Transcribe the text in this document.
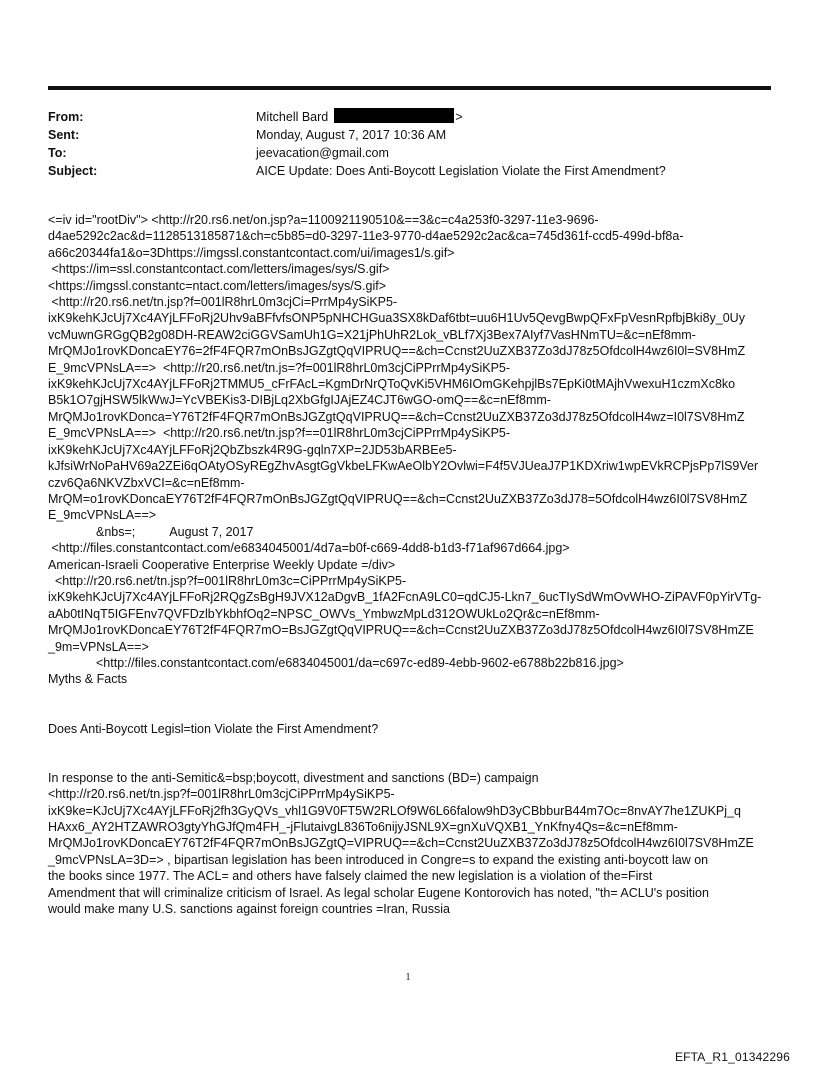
From:	Mitchell Bard	>
Sent:	Monday, August 7, 2017 10:36 AM
To:	jeevacation@gmail.com
Subject:	AICE Update: Does Anti-Boycott Legislation Violate the First Amendment?

<=iv id="rootDiv"> <http://r20.rs6.net/on.jsp?a=1100921190510&==3&c=c4a253f0-3297-11e3-9696-

d4ae5292c2ac&d=1128513185871&ch=c5b85=d0-3297-11e3-9770-d4ae5292c2ac&ca=745d361f-ccd5-499d-bf8a-

a66c20344fa1&o=3Dhttps://imgssl.constantcontact.com/ui/images1/s.gif>

<https://im=ssl.constantcontact.com/letters/images/sys/S.gif>

<https://imgssl.constantc=ntact.com/letters/images/sys/S.gif>

<http://r20.rs6.net/tn.jsp?f=001lR8hrL0m3cjCi=PrrMp4ySiKP5-

ixK9kehKJcUj7Xc4AYjLFFoRj2Uhv9aBFfvfsONP5pNHCHGua3SX8kDaf6tbt=uu6H1Uv5QevgBwpQFxFpVesnRpfbjBki8y_0Uy

vcMuwnGRGgQB2g08DH-REAW2ciGGVSamUh1G=X21jPhUhR2Lok_vBLf7Xj3Bex7AIyf7VasHNmTU=&c=nEf8mm-

MrQMJo1rovKDoncaEY76=2fF4FQR7mOnBsJGZgtQqVIPRUQ==&ch=Ccnst2UuZXB37Zo3dJ78z5OfdcolH4wz6I0l=SV8HmZ

E_9mcVPNsLA==>  <http://r20.rs6.net/tn.js=?f=001lR8hrL0m3cjCiPPrrMp4ySiKP5-

ixK9kehKJcUj7Xc4AYjLFFoRj2TMMU5_cFrFAcL=KgmDrNrQToQvKi5VHM6IOmGKehpjlBs7EpKi0tMAjhVwexuH1czmXc8ko

B5k1O7gjHSW5lkWwJ=YcVBEKis3-DIBjLq2XbGfgIJAjEZ4CJT6wGO-omQ==&c=nEf8mm-

MrQMJo1rovKDonca=Y76T2fF4FQR7mOnBsJGZgtQqVIPRUQ==&ch=Ccnst2UuZXB37Zo3dJ78z5OfdcolH4wz=I0l7SV8HmZ

E_9mcVPNsLA==>  <http://r20.rs6.net/tn.jsp?f==01lR8hrL0m3cjCiPPrrMp4ySiKP5-

ixK9kehKJcUj7Xc4AYjLFFoRj2QbZbszk4R9G-gqln7XP=2JD53bARBEe5-

kJfsiWrNoPaHV69a2ZEi6qOAtyOSyREgZhvAsgtGgVkbeLFKwAeOlbY2Ovlwi=F4f5VJUeaJ7P1KDXriw1wpEVkRCPjsPp7lS9Ver

czv6Qa6NKVZbxVCI=&c=nEf8mm-

MrQM=o1rovKDoncaEY76T2fF4FQR7mOnBsJGZgtQqVIPRUQ==&ch=Ccnst2UuZXB37Zo3dJ78=5OfdcolH4wz6I0l7SV8HmZ

E_9mcVPNsLA==>

&nbs=;          August 7, 2017

<http://files.constantcontact.com/e6834045001/4d7a=b0f-c669-4dd8-b1d3-f71af967d664.jpg>

American-Israeli Cooperative Enterprise Weekly Update =/div>

<http://r20.rs6.net/tn.jsp?f=001lR8hrL0m3c=CiPPrrMp4ySiKP5-

ixK9kehKJcUj7Xc4AYjLFFoRj2RQgZsBgH9JVX12aDgvB_1fA2FcnA9LC0=qdCJ5-Lkn7_6ucTIySdWmOvWHO-ZiPAVF0pYirVTg-

aAb0tINqT5IGFEnv7QVFDzlbYkbhfOq2=NPSC_OWVs_YmbwzMpLd312OWUkLo2Qr&c=nEf8mm-

MrQMJo1rovKDoncaEY76T2fF4FQR7mO=BsJGZgtQqVIPRUQ==&ch=Ccnst2UuZXB37Zo3dJ78z5OfdcolH4wz6I0l7SV8HmZE

_9m=VPNsLA==>

<http://files.constantcontact.com/e6834045001/da=c697c-ed89-4ebb-9602-e6788b22b816.jpg>

Myths & Facts

Does Anti-Boycott Legisl=tion Violate the First Amendment?

In response to the anti-Semitic&=bsp;boycott, divestment and sanctions (BD=) campaign

<http://r20.rs6.net/tn.jsp?f=001lR8hrL0m3cjCiPPrrMp4ySiKP5-

ixK9ke=KJcUj7Xc4AYjLFFoRj2fh3GyQVs_vhl1G9V0FT5W2RLOf9W6L66falow9hD3yCBbburB44m7Oc=8nvAY7he1ZUKPj_q

HAxx6_AY2HTZAWRO3gtyYhGJfQm4FH_-jFlutaivgL836To6nijyJSNL9X=gnXuVQXB1_YnKfny4Qs=&c=nEf8mm-

MrQMJo1rovKDoncaEY76T2fF4FQR7mOnBsJGZgtQ=VIPRUQ==&ch=Ccnst2UuZXB37Zo3dJ78z5OfdcolH4wz6I0l7SV8HmZE

_9mcVPNsLA=3D=> , bipartisan legislation has been introduced in Congre=s to expand the existing anti-boycott law on

the books since 1977. The ACL= and others have falsely claimed the new legislation is a violation of the=First

Amendment that will criminalize criticism of Israel. As legal scholar Eugene Kontorovich has noted, "th= ACLU's position

would make many U.S. sanctions against foreign countries =Iran, Russia

1
EFTA_R1_01342296
